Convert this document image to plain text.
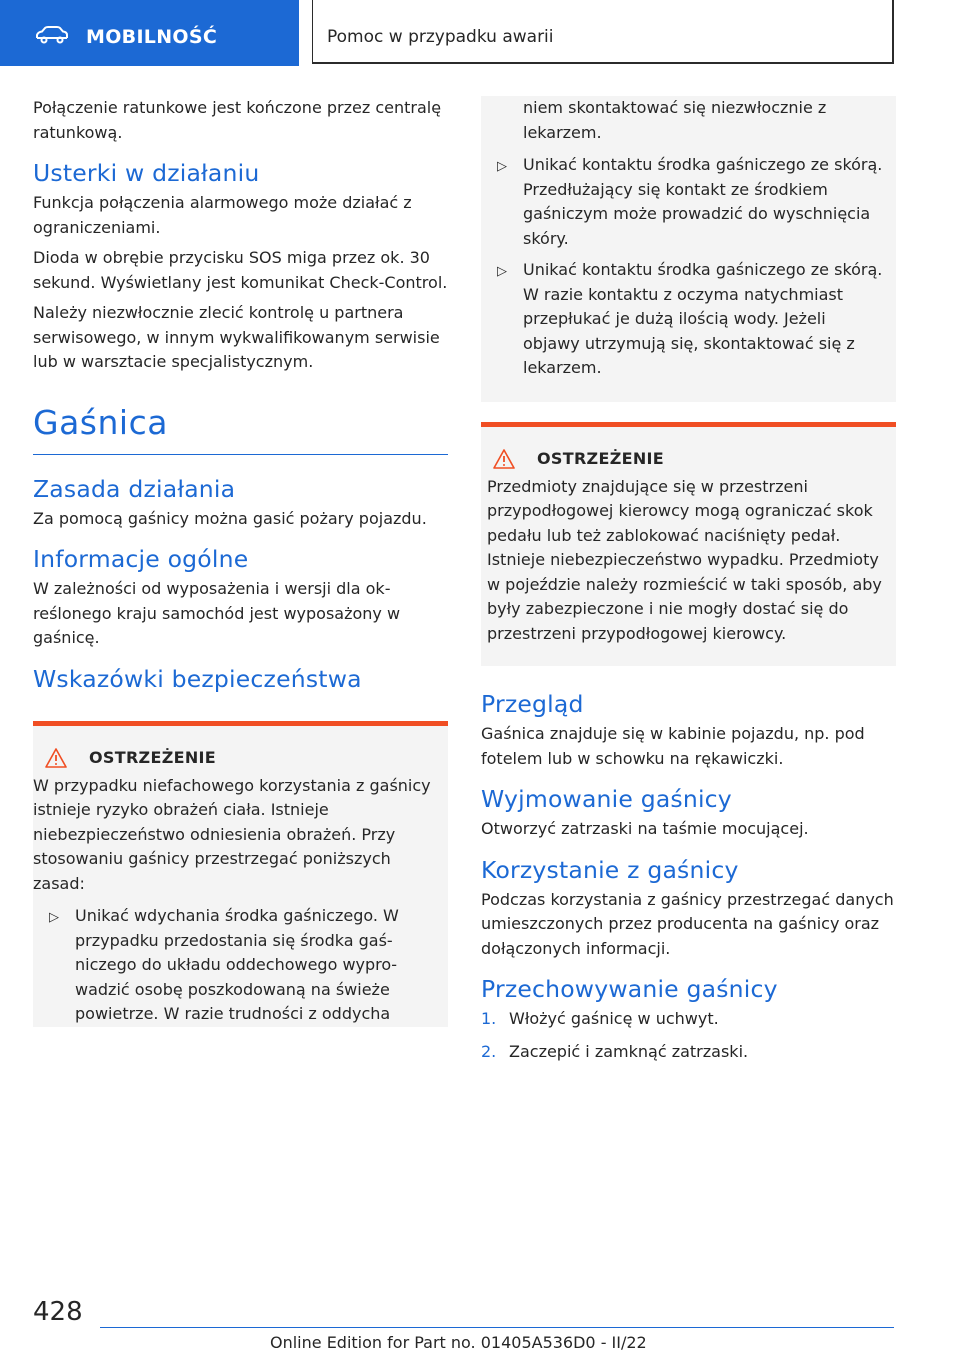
MOBILNOŚĆ	Pomoc w przypadku awarii

Połączenie ratunkowe jest kończone przez centralę ratunkową.

Usterki w działaniu

Funkcja połączenia alarmowego może działać z ograniczeniami.

Dioda w obrębie przycisku SOS miga przez ok. 30 sekund. Wyświetlany jest komunikat Check-Control.

Należy niezwłocznie zlecić kontrolę u partnera serwisowego, w innym wykwalifikowanym serwisie lub w warsztacie specjalistycznym.

Gaśnica
Zasada działania

Za pomocą gaśnicy można gasić pożary pojazdu.

Informacje ogólne

W zależności od wyposażenia i wersji dla określonego kraju samochód jest wyposażony w gaśnicę.

Wskazówki bezpieczeństwa
OSTRZEŻENIE

W przypadku niefachowego korzystania z gaśnicy istnieje ryzyko obrażeń ciała. Istnieje niebezpieczeństwo odniesienia obrażeń. Przy stosowaniu gaśnicy przestrzegać poniższych zasad:

▷ Unikać wdychania środka gaśniczego. W przypadku przedostania się środka gaśniczego do układu oddechowego wyprowadzić osobę poszkodowaną na świeże powietrze. W razie trudności z oddycha

niem skontaktować się niezwłocznie z lekarzem.

▷ Unikać kontaktu środka gaśniczego ze skórą. Przedłużający się kontakt ze środkiem gaśniczym może prowadzić do wyschnięcia skóry.
▷ Unikać kontaktu środka gaśniczego ze skórą. W razie kontaktu z oczyma natychmiast przepłukać je dużą ilością wody. Jeżeli objawy utrzymują się, skontaktować się z lekarzem.
OSTRZEŻENIE

Przedmioty znajdujące się w przestrzeni przypodłogowej kierowcy mogą ograniczać skok pedału lub też zablokować naciśnięty pedał. Istnieje niebezpieczeństwo wypadku. Przedmioty w pojeździe należy rozmieścić w taki sposób, aby były zabezpieczone i nie mogły dostać się do przestrzeni przypodłogowej kierowcy.

Przegląd

Gaśnica znajduje się w kabinie pojazdu, np. pod fotelem lub w schowku na rękawiczki.

Wyjmowanie gaśnicy

Otworzyć zatrzaski na taśmie mocującej.

Korzystanie z gaśnicy

Podczas korzystania z gaśnicy przestrzegać danych umieszczonych przez producenta na gaśnicy oraz dołączonych informacji.

Przechowywanie gaśnicy
1. Włożyć gaśnicę w uchwyt.
2. Zaczepić i zamknąć zatrzaski.
428
Online Edition for Part no. 01405A536D0 - II/22
